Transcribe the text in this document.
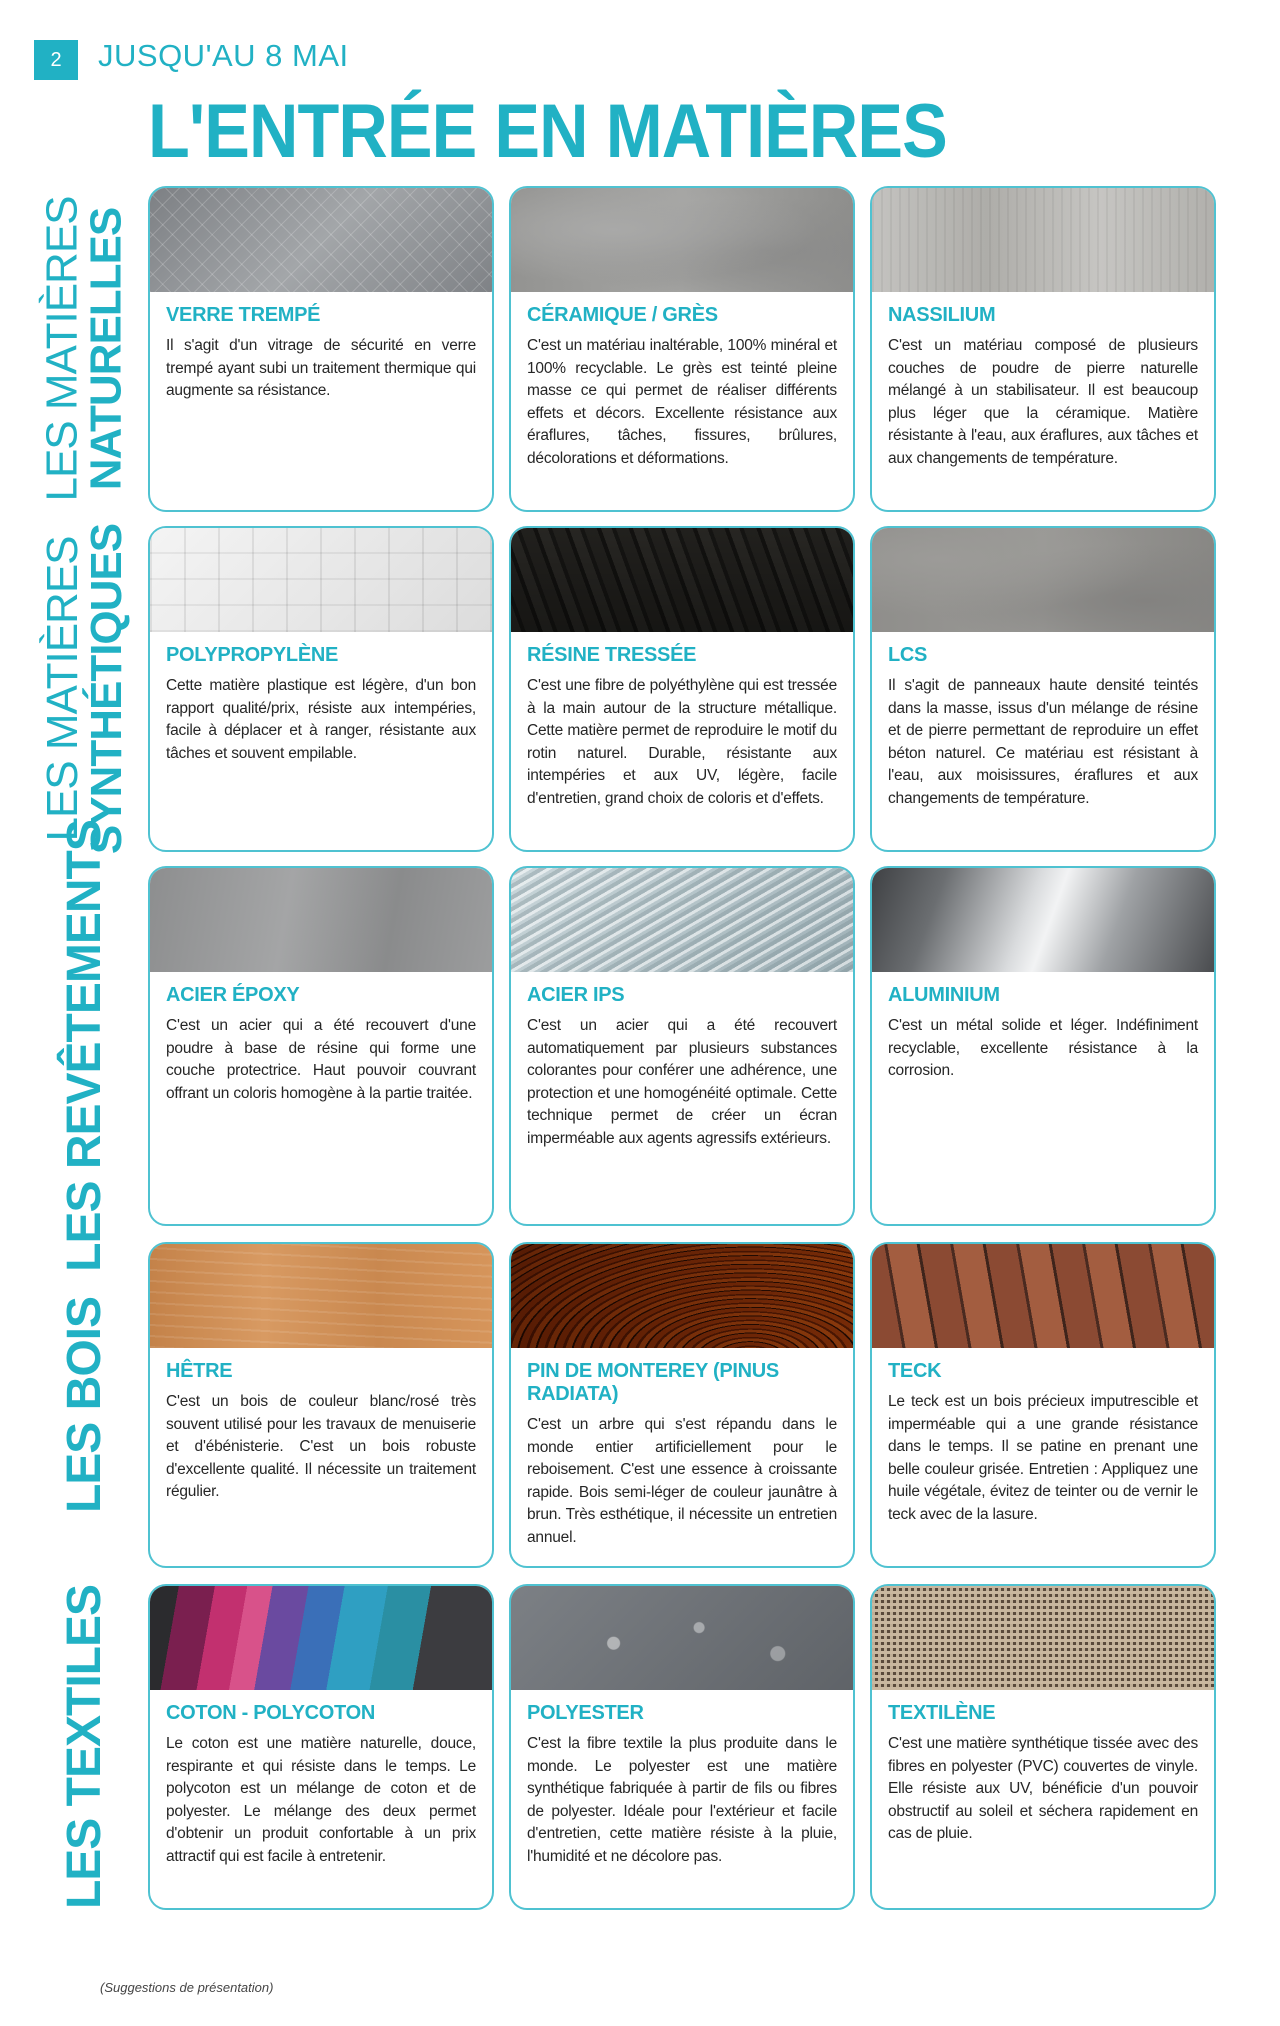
2	JUSQU'AU 8 MAI
L'ENTRÉE EN MATIÈRES
LES MATIÈRES
NATURELLES
LES MATIÈRES
SYNTHÉTIQUES
LES REVÊTEMENTS
LES BOIS
LES TEXTILES
VERRE TREMPÉ

Il s'agit d'un vitrage de sécurité en verre trempé ayant subi un traitement thermique qui augmente sa résistance.

CÉRAMIQUE / GRÈS

C'est un matériau inaltérable, 100% minéral et 100% recyclable. Le grès est teinté pleine masse ce qui permet de réaliser différents effets et décors. Excellente résistance aux éraflures, tâches, fissures, brûlures, décolorations et déformations.

NASSILIUM

C'est un matériau composé de plusieurs couches de poudre de pierre naturelle mélangé à un stabilisateur. Il est beaucoup plus léger que la céramique. Matière résistante à l'eau, aux éraflures, aux tâches et aux changements de température.

POLYPROPYLÈNE

Cette matière plastique est légère, d'un bon rapport qualité/prix, résiste aux intempéries, facile à déplacer et à ranger, résistante aux tâches et souvent empilable.

RÉSINE TRESSÉE

C'est une fibre de polyéthylène qui est tressée à la main autour de la structure métallique. Cette matière permet de reproduire le motif du rotin naturel. Durable, résistante aux intempéries et aux UV, légère, facile d'entretien, grand choix de coloris et d'effets.

LCS

Il s'agit de panneaux haute densité teintés dans la masse, issus d'un mélange de résine et de pierre permettant de reproduire un effet béton naturel. Ce matériau est résistant à l'eau, aux moisissures, éraflures et aux changements de température.

ACIER ÉPOXY

C'est un acier qui a été recouvert d'une poudre à base de résine qui forme une couche protectrice. Haut pouvoir couvrant offrant un coloris homogène à la partie traitée.

ACIER IPS

C'est un acier qui a été recouvert automatiquement par plusieurs substances colorantes pour conférer une adhérence, une protection et une homogénéité optimale. Cette technique permet de créer un écran imperméable aux agents agressifs extérieurs.

ALUMINIUM

C'est un métal solide et léger. Indéfiniment recyclable, excellente résistance à la corrosion.

HÊTRE

C'est un bois de couleur blanc/rosé très souvent utilisé pour les travaux de menuiserie et d'ébénisterie. C'est un bois robuste d'excellente qualité. Il nécessite un traitement régulier.

PIN DE MONTEREY (PINUS RADIATA)

C'est un arbre qui s'est répandu dans le monde entier artificiellement pour le reboisement. C'est une essence à croissante rapide. Bois semi-léger de couleur jaunâtre à brun. Très esthétique, il nécessite un entretien annuel.

TECK

Le teck est un bois précieux imputrescible et imperméable qui a une grande résistance dans le temps. Il se patine en prenant une belle couleur grisée. Entretien : Appliquez une huile végétale, évitez de teinter ou de vernir le teck avec de la lasure.

COTON - POLYCOTON

Le coton est une matière naturelle, douce, respirante et qui résiste dans le temps. Le polycoton est un mélange de coton et de polyester. Le mélange des deux permet d'obtenir un produit confortable à un prix attractif qui est facile à entretenir.

POLYESTER

C'est la fibre textile la plus produite dans le monde. Le polyester est une matière synthétique fabriquée à partir de fils ou fibres de polyester. Idéale pour l'extérieur et facile d'entretien, cette matière résiste à la pluie, l'humidité et ne décolore pas.

TEXTILÈNE

C'est une matière synthétique tissée avec des fibres en polyester (PVC) couvertes de vinyle. Elle résiste aux UV, bénéficie d'un pouvoir obstructif au soleil et séchera rapidement en cas de pluie.

(Suggestions de présentation)
